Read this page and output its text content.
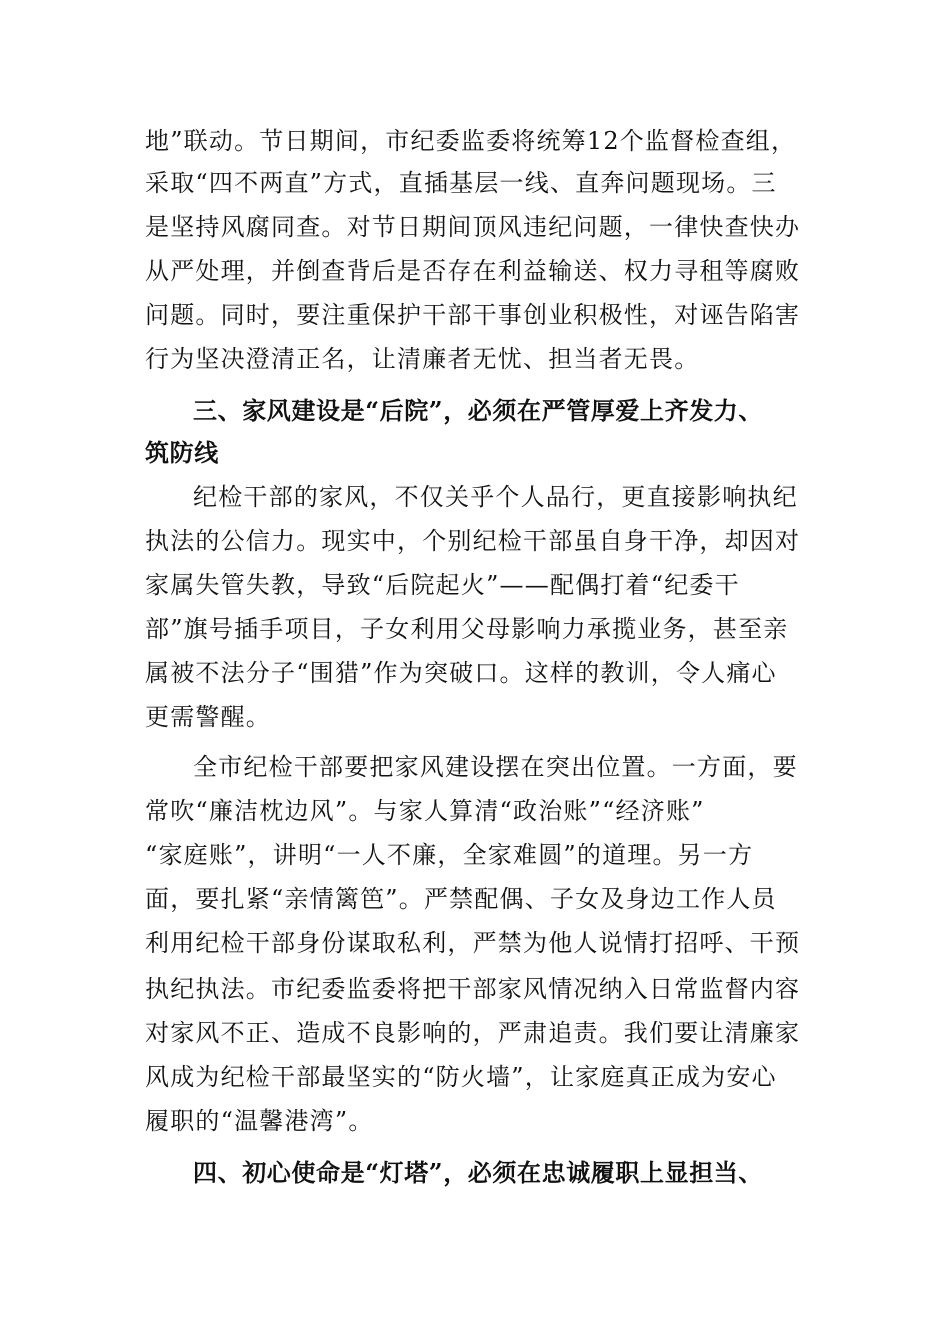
地”联动。节日期间，市纪委监委将统筹12个监督检查组，
采取“四不两直”方式，直插基层一线、直奔问题现场。三
是坚持风腐同查。对节日期间顶风违纪问题，一律快查快办
从严处理，并倒查背后是否存在利益输送、权力寻租等腐败
问题。同时，要注重保护干部干事创业积极性，对诬告陷害
行为坚决澄清正名，让清廉者无忧、担当者无畏。
三、家风建设是“后院”，必须在严管厚爱上齐发力、
筑防线
纪检干部的家风，不仅关乎个人品行，更直接影响执纪
执法的公信力。现实中，个别纪检干部虽自身干净，却因对
家属失管失教，导致“后院起火”——配偶打着“纪委干
部”旗号插手项目，子女利用父母影响力承揽业务，甚至亲
属被不法分子“围猎”作为突破口。这样的教训，令人痛心
更需警醒。
全市纪检干部要把家风建设摆在突出位置。一方面，要
常吹“廉洁枕边风”。与家人算清“政治账”“经济账”
“家庭账”，讲明“一人不廉，全家难圆”的道理。另一方
面，要扎紧“亲情篱笆”。严禁配偶、子女及身边工作人员
利用纪检干部身份谋取私利，严禁为他人说情打招呼、干预
执纪执法。市纪委监委将把干部家风情况纳入日常监督内容
对家风不正、造成不良影响的，严肃追责。我们要让清廉家
风成为纪检干部最坚实的“防火墙”，让家庭真正成为安心
履职的“温馨港湾”。
四、初心使命是“灯塔”，必须在忠诚履职上显担当、
